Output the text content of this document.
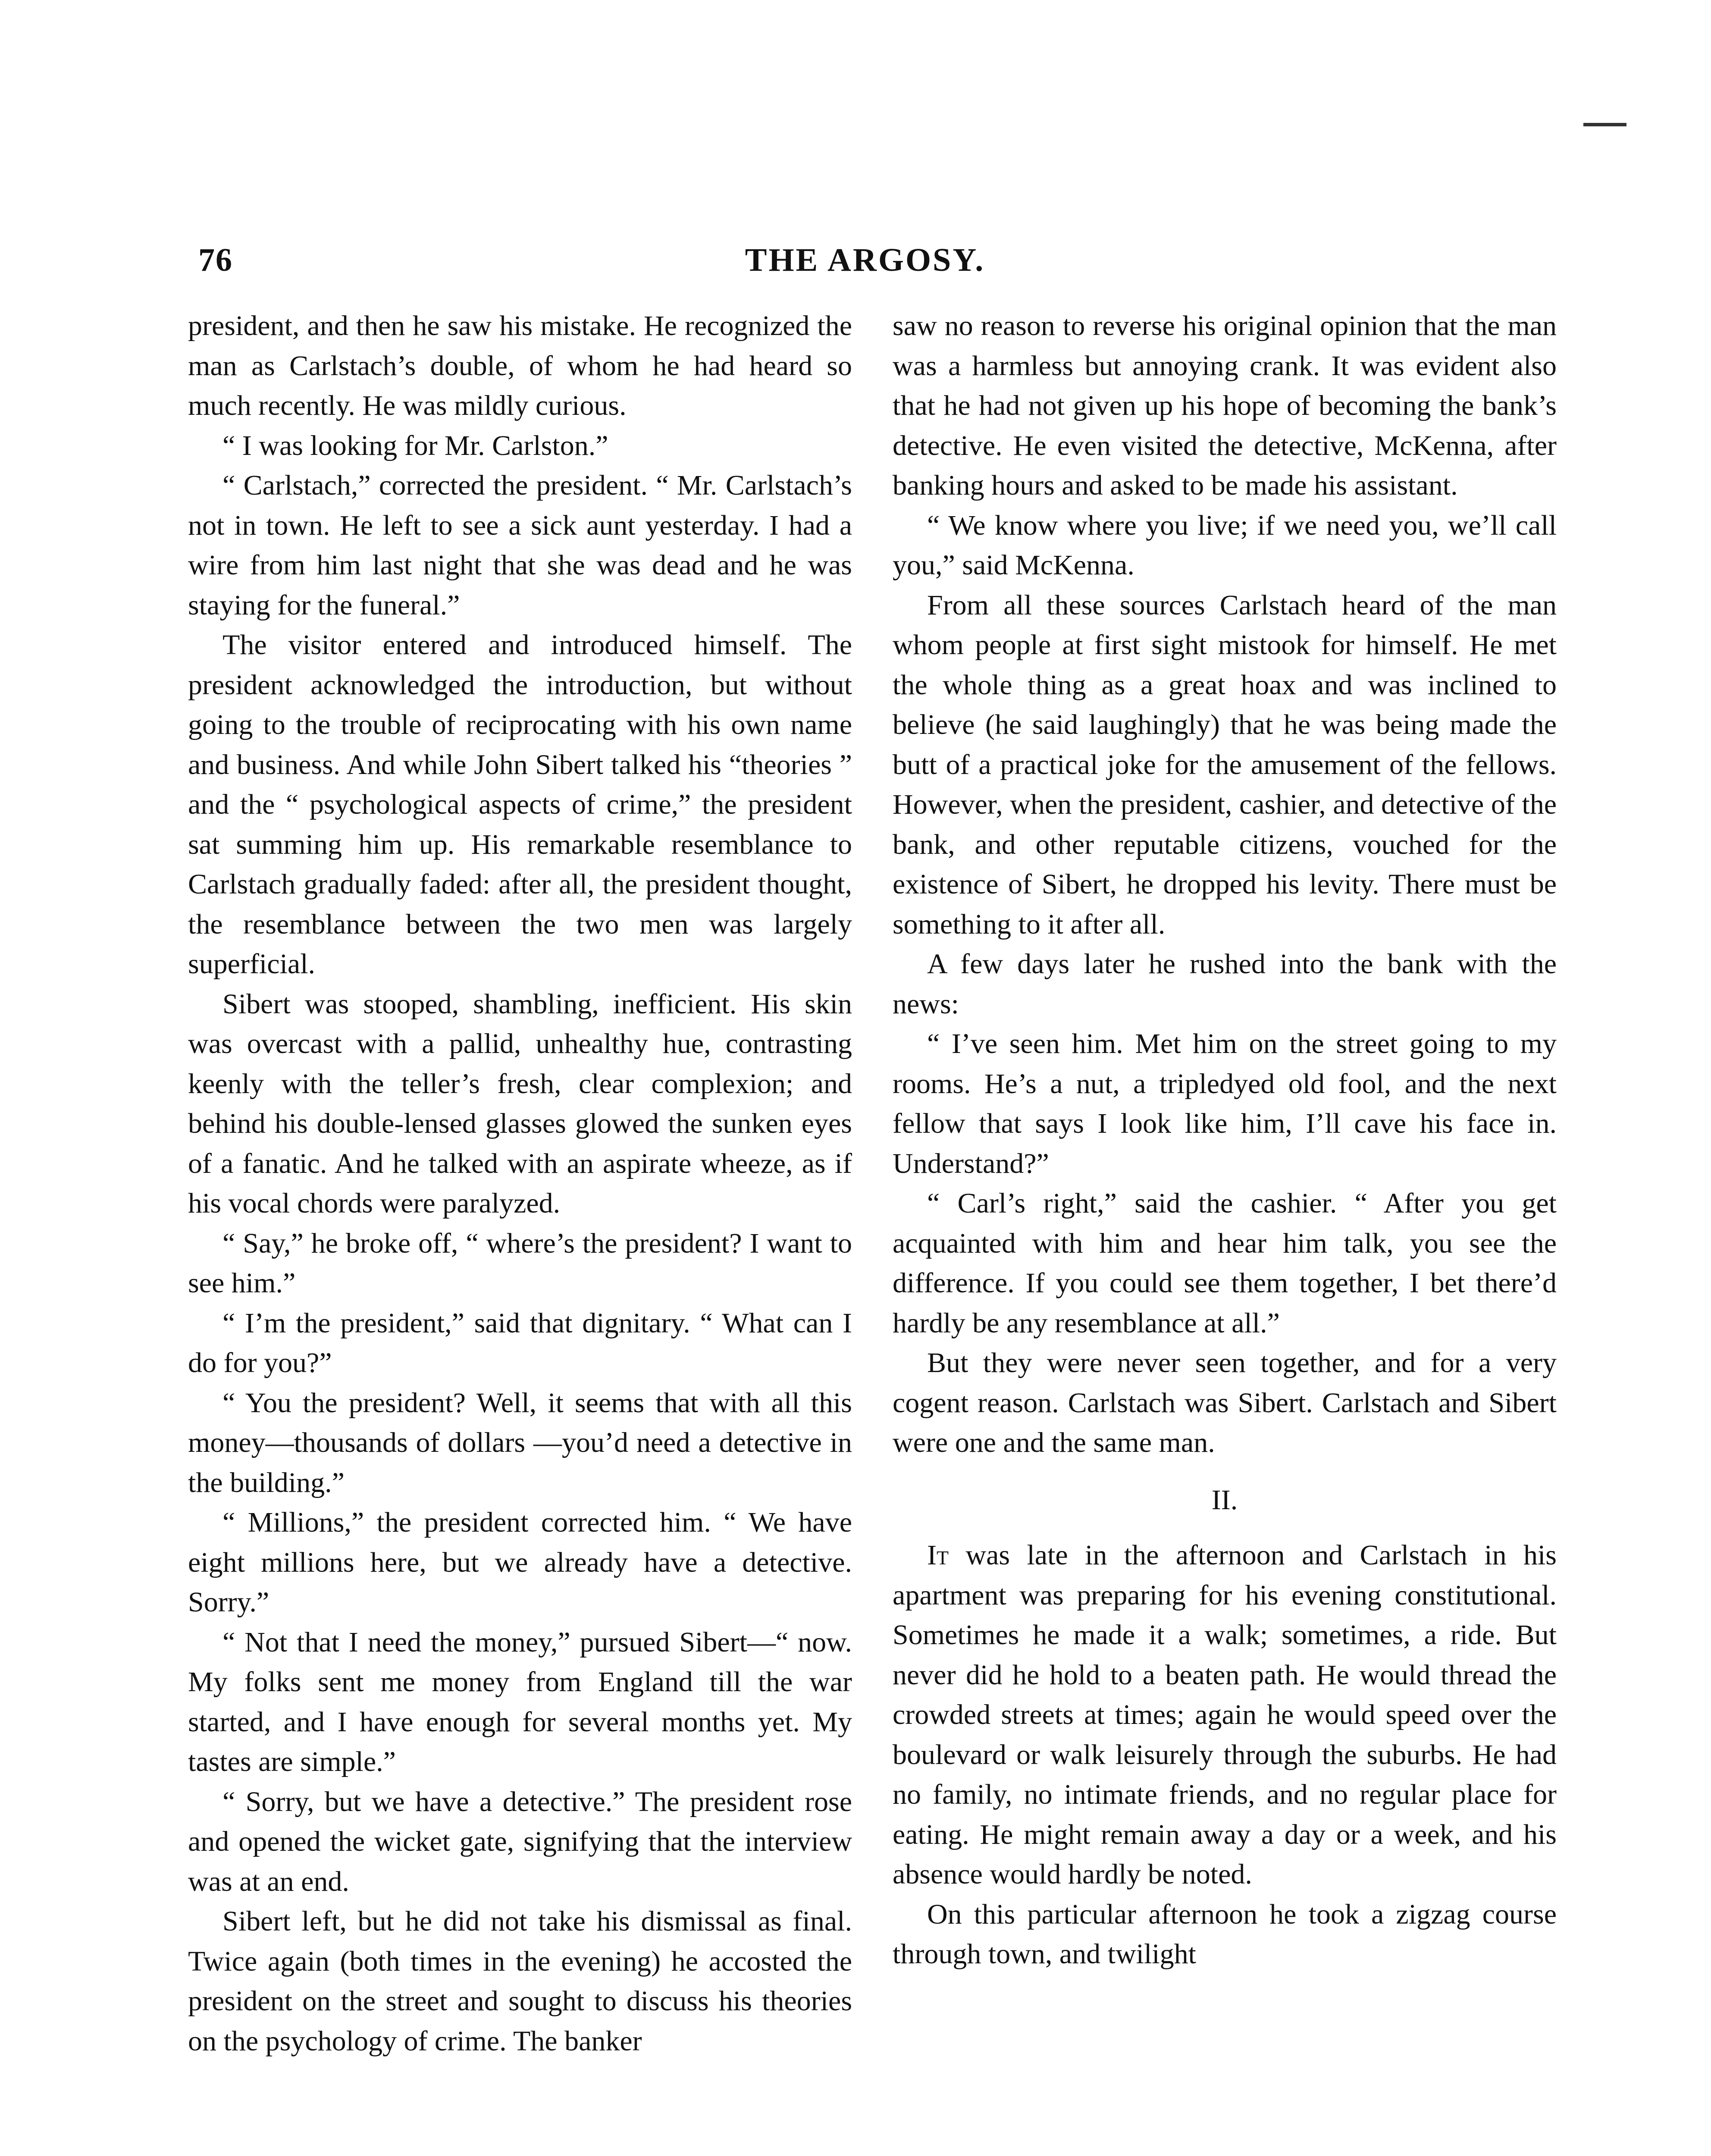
76	THE ARGOSY.

president, and then he saw his mistake. He recognized the man as Carlstach’s double, of whom he had heard so much recently. He was mildly curious.

“ I was looking for Mr. Carlston.”

“ Carlstach,” corrected the president. “ Mr. Carlstach’s not in town. He left to see a sick aunt yesterday. I had a wire from him last night that she was dead and he was staying for the funeral.”

The visitor entered and introduced himself. The president acknowledged the introduction, but without going to the trouble of reciprocating with his own name and business. And while John Sibert talked his “theories ” and the “ psychological aspects of crime,” the president sat summing him up. His remarkable resemblance to Carlstach gradually faded: after all, the president thought, the resemblance between the two men was largely superficial.

Sibert was stooped, shambling, inefficient. His skin was overcast with a pallid, unhealthy hue, contrasting keenly with the teller’s fresh, clear complexion; and behind his double-lensed glasses glowed the sunken eyes of a fanatic. And he talked with an aspirate wheeze, as if his vocal chords were paralyzed.

“ Say,” he broke off, “ where’s the president? I want to see him.”

“ I’m the president,” said that dignitary. “ What can I do for you?”

“ You the president? Well, it seems that with all this money—thousands of dollars —you’d need a detective in the building.”

“ Millions,” the president corrected him. “ We have eight millions here, but we already have a detective. Sorry.”

“ Not that I need the money,” pursued Sibert—“ now. My folks sent me money from England till the war started, and I have enough for several months yet. My tastes are simple.”

“ Sorry, but we have a detective.” The president rose and opened the wicket gate, signifying that the interview was at an end.

Sibert left, but he did not take his dismissal as final. Twice again (both times in the evening) he accosted the president on the street and sought to discuss his theories on the psychology of crime. The banker

saw no reason to reverse his original opinion that the man was a harmless but annoying crank. It was evident also that he had not given up his hope of becoming the bank’s detective. He even visited the detective, McKenna, after banking hours and asked to be made his assistant.

“ We know where you live; if we need you, we’ll call you,” said McKenna.

From all these sources Carlstach heard of the man whom people at first sight mistook for himself. He met the whole thing as a great hoax and was inclined to believe (he said laughingly) that he was being made the butt of a practical joke for the amusement of the fellows. However, when the president, cashier, and detective of the bank, and other reputable citizens, vouched for the existence of Sibert, he dropped his levity. There must be something to it after all.

A few days later he rushed into the bank with the news:

“ I’ve seen him. Met him on the street going to my rooms. He’s a nut, a tripledyed old fool, and the next fellow that says I look like him, I’ll cave his face in. Understand?”

“ Carl’s right,” said the cashier. “ After you get acquainted with him and hear him talk, you see the difference. If you could see them together, I bet there’d hardly be any resemblance at all.”

But they were never seen together, and for a very cogent reason. Carlstach was Sibert. Carlstach and Sibert were one and the same man.

II.

It was late in the afternoon and Carlstach in his apartment was preparing for his evening constitutional. Sometimes he made it a walk; sometimes, a ride. But never did he hold to a beaten path. He would thread the crowded streets at times; again he would speed over the boulevard or walk leisurely through the suburbs. He had no family, no intimate friends, and no regular place for eating. He might remain away a day or a week, and his absence would hardly be noted.

On this particular afternoon he took a zigzag course through town, and twilight
